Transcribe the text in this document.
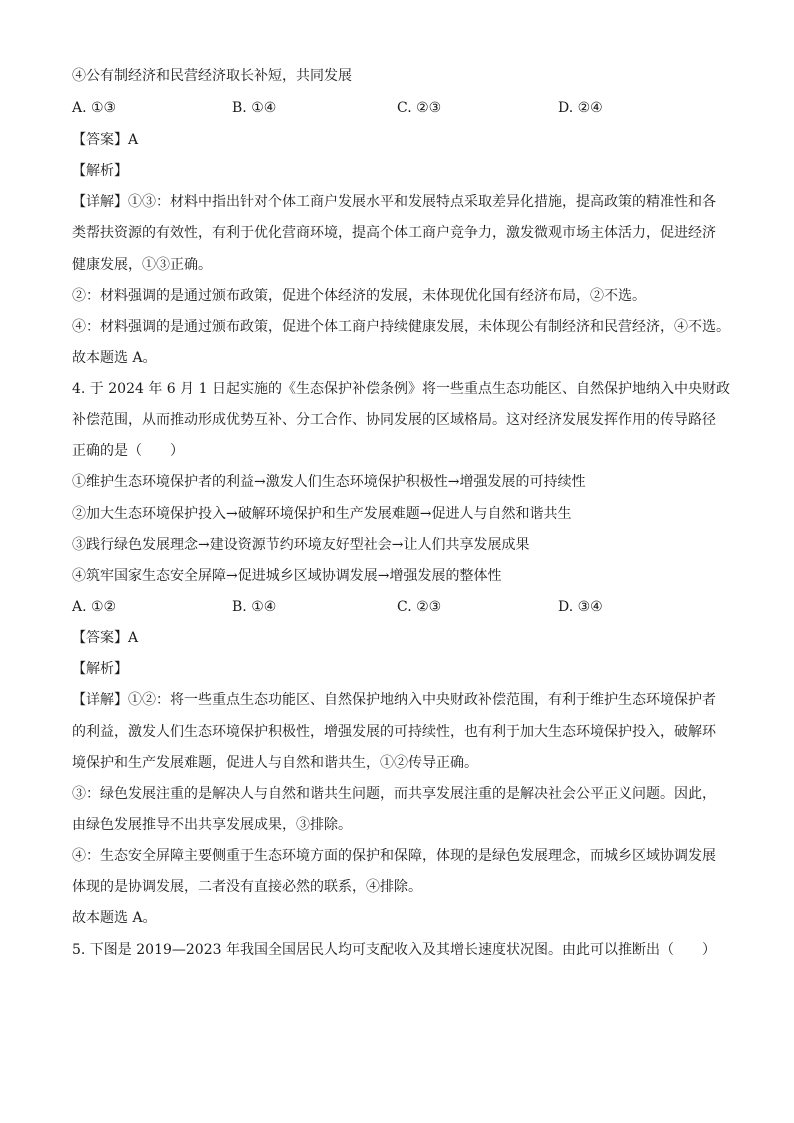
④公有制经济和民营经济取长补短，共同发展
A. ①③	B. ①④	C. ②③	D. ②④
【答案】A
【解析】
【详解】①③：材料中指出针对个体工商户发展水平和发展特点采取差异化措施，提高政策的精准性和各
类帮扶资源的有效性，有利于优化营商环境，提高个体工商户竞争力，激发微观市场主体活力，促进经济
健康发展，①③正确。
②：材料强调的是通过颁布政策，促进个体经济的发展，未体现优化国有经济布局，②不选。
④：材料强调的是通过颁布政策，促进个体工商户持续健康发展，未体现公有制经济和民营经济，④不选。
故本题选 A。
4. 于 2024 年 6 月 1 日起实施的《生态保护补偿条例》将一些重点生态功能区、自然保护地纳入中央财政
补偿范围，从而推动形成优势互补、分工合作、协同发展的区域格局。这对经济发展发挥作用的传导路径
正确的是（　　）
①维护生态环境保护者的利益→激发人们生态环境保护积极性→增强发展的可持续性
②加大生态环境保护投入→破解环境保护和生产发展难题→促进人与自然和谐共生
③践行绿色发展理念→建设资源节约环境友好型社会→让人们共享发展成果
④筑牢国家生态安全屏障→促进城乡区域协调发展→增强发展的整体性
A. ①②	B. ①④	C. ②③	D. ③④
【答案】A
【解析】
【详解】①②：将一些重点生态功能区、自然保护地纳入中央财政补偿范围，有利于维护生态环境保护者
的利益，激发人们生态环境保护积极性，增强发展的可持续性，也有利于加大生态环境保护投入，破解环
境保护和生产发展难题，促进人与自然和谐共生，①②传导正确。
③：绿色发展注重的是解决人与自然和谐共生问题，而共享发展注重的是解决社会公平正义问题。因此，
由绿色发展推导不出共享发展成果，③排除。
④：生态安全屏障主要侧重于生态环境方面的保护和保障，体现的是绿色发展理念，而城乡区域协调发展
体现的是协调发展，二者没有直接必然的联系，④排除。
故本题选 A。
5. 下图是 2019—2023 年我国全国居民人均可支配收入及其增长速度状况图。由此可以推断出（　　）
